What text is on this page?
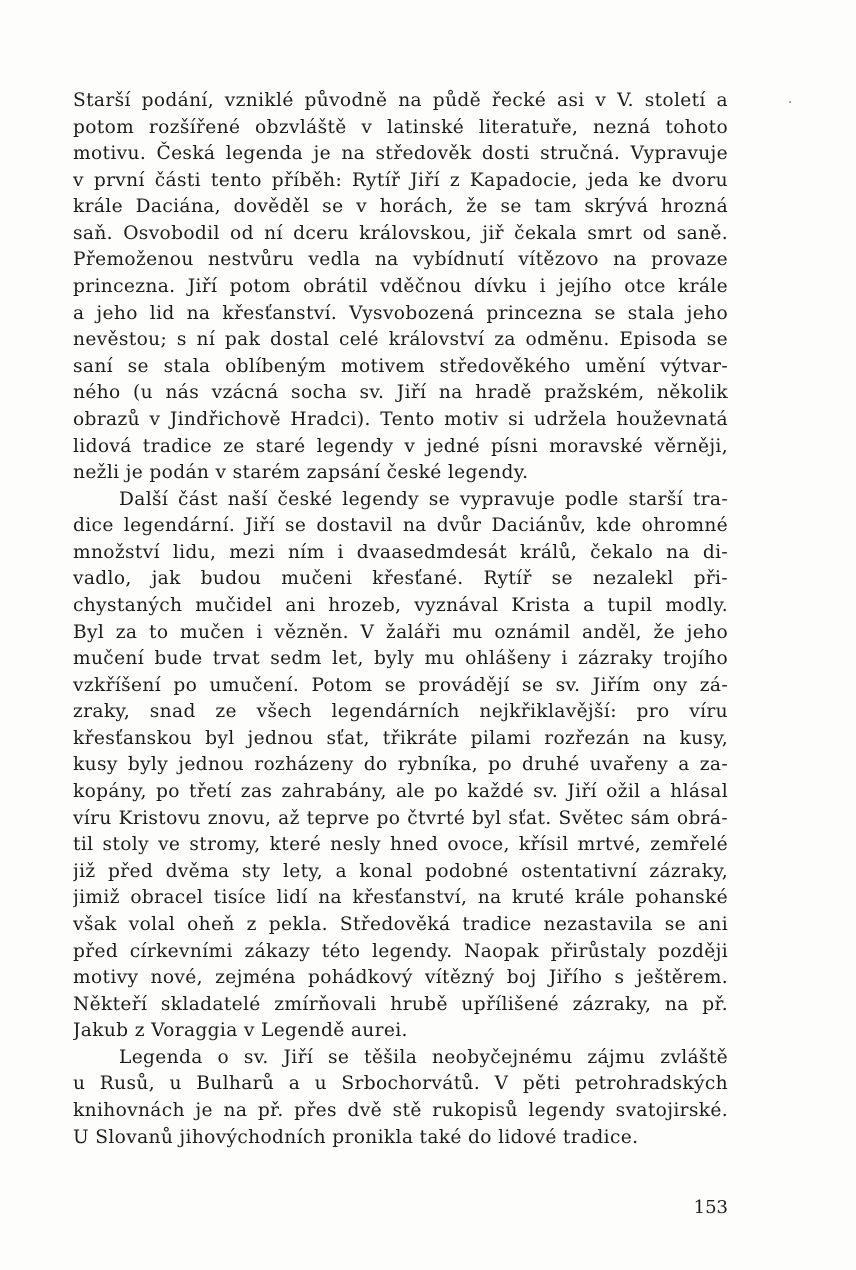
Starší podání, vzniklé původně na půdě řecké asi v V. století a
potom rozšířené obzvláště v latinské literatuře, nezná tohoto
motivu. Česká legenda je na středověk dosti stručná. Vypravuje
v první části tento příběh: Rytíř Jiří z Kapadocie, jeda ke dvoru
krále Daciána, dověděl se v horách, že se tam skrývá hrozná
saň. Osvobodil od ní dceru královskou, jiř čekala smrt od saně.
Přemoženou nestvůru vedla na vybídnutí vítězovo na provaze
princezna. Jiří potom obrátil vděčnou dívku i jejího otce krále
a jeho lid na křesťanství. Vysvobozená princezna se stala jeho
nevěstou; s ní pak dostal celé království za odměnu. Episoda se
saní se stala oblíbeným motivem středověkého umění výtvar-
ného (u nás vzácná socha sv. Jiří na hradě pražském, několik
obrazů v Jindřichově Hradci). Tento motiv si udržela houževnatá
lidová tradice ze staré legendy v jedné písni moravské věrněji,
nežli je podán v starém zapsání české legendy.
Další část naší české legendy se vypravuje podle starší tra-
dice legendární. Jiří se dostavil na dvůr Daciánův, kde ohromné
množství lidu, mezi ním i dvaasedmdesát králů, čekalo na di-
vadlo, jak budou mučeni křesťané. Rytíř se nezalekl při-
chystaných mučidel ani hrozeb, vyznával Krista a tupil modly.
Byl za to mučen i vězněn. V žaláři mu oznámil anděl, že jeho
mučení bude trvat sedm let, byly mu ohlášeny i zázraky trojího
vzkříšení po umučení. Potom se provádějí se sv. Jiřím ony zá-
zraky, snad ze všech legendárních nejkřiklavější: pro víru
křesťanskou byl jednou sťat, třikráte pilami rozřezán na kusy,
kusy byly jednou rozházeny do rybníka, po druhé uvařeny a za-
kopány, po třetí zas zahrabány, ale po každé sv. Jiří ožil a hlásal
víru Kristovu znovu, až teprve po čtvrté byl sťat. Světec sám obrá-
til stoly ve stromy, které nesly hned ovoce, křísil mrtvé, zemřelé
již před dvěma sty lety, a konal podobné ostentativní zázraky,
jimiž obracel tisíce lidí na křesťanství, na kruté krále pohanské
však volal oheň z pekla. Středověká tradice nezastavila se ani
před církevními zákazy této legendy. Naopak přirůstaly později
motivy nové, zejména pohádkový vítězný boj Jiřího s ještěrem.
Někteří skladatelé zmírňovali hrubě upřílišené zázraky, na př.
Jakub z Voraggia v Legendě aurei.
Legenda o sv. Jiří se těšila neobyčejnému zájmu zvláště
u Rusů, u Bulharů a u Srbochorvátů. V pěti petrohradských
knihovnách je na př. přes dvě stě rukopisů legendy svatojirské.
U Slovanů jihovýchodních pronikla také do lidové tradice.
153
